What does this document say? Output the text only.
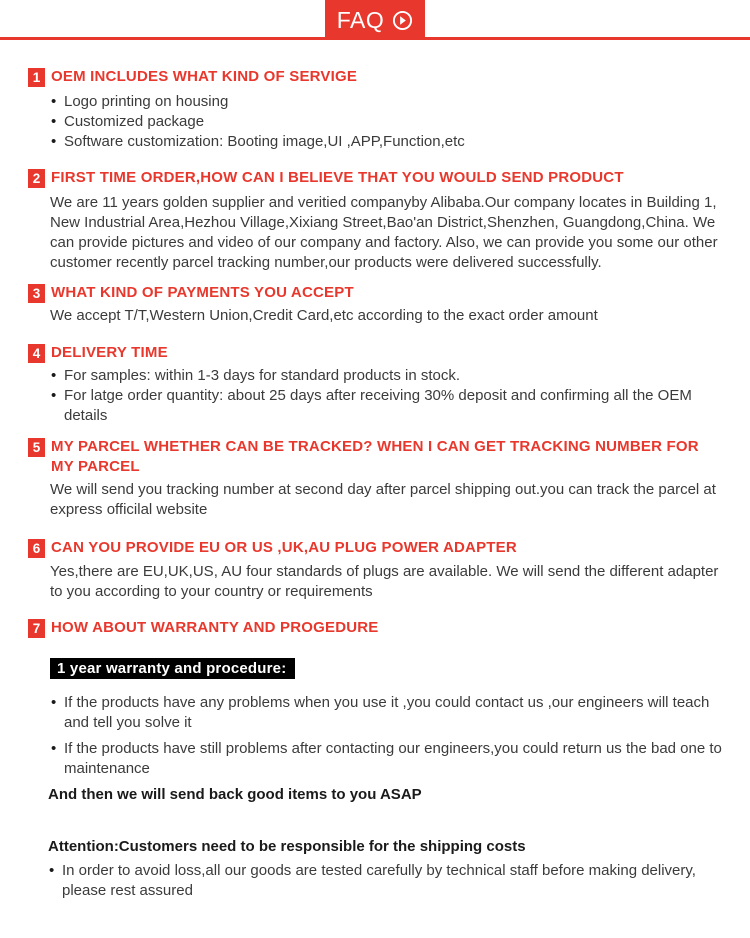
FAQ
1 OEM INCLUDES WHAT KIND OF SERVIGE
• Logo printing on housing
• Customized package
• Software customization: Booting image,UI ,APP,Function,etc
2 FIRST TIME ORDER,HOW CAN I BELIEVE THAT YOU WOULD SEND PRODUCT

We are 11 years golden supplier and veritied companyby Alibaba.Our company locates in Building 1, New Industrial Area,Hezhou Village,Xixiang Street,Bao'an District,Shenzhen, Guangdong,China. We can provide pictures and video of our company and factory. Also, we can provide you some our other customer recently parcel tracking number,our products were delivered successfully.

3 WHAT KIND OF PAYMENTS YOU ACCEPT

We accept T/T,Western Union,Credit Card,etc according to the exact order amount

4 DELIVERY TIME
• For samples: within 1-3 days for standard products in stock.
• For latge order quantity: about 25 days after receiving 30% deposit and confirming all the OEM details
5 MY PARCEL WHETHER CAN BE TRACKED? WHEN I CAN GET TRACKING NUMBER FOR MY PARCEL

We will send you tracking number at second day after parcel shipping out.you can track the parcel at express officilal website

6 CAN YOU PROVIDE EU OR US ,UK,AU PLUG POWER ADAPTER

Yes,there are EU,UK,US, AU four standards of plugs are available. We will send the different adapter to you according to your country or requirements

7 HOW ABOUT WARRANTY AND PROGEDURE
1 year warranty and procedure:
• If the products have any problems when you use it ,you could contact us ,our engineers will teach and tell you solve it
• If the products have still problems after contacting our engineers,you could return us the bad one to maintenance

And then we will send back good items to you ASAP

Attention:Customers need to be responsible for the shipping costs

• In order to avoid loss,all our goods are tested carefully by technical staff before making delivery, please rest assured
